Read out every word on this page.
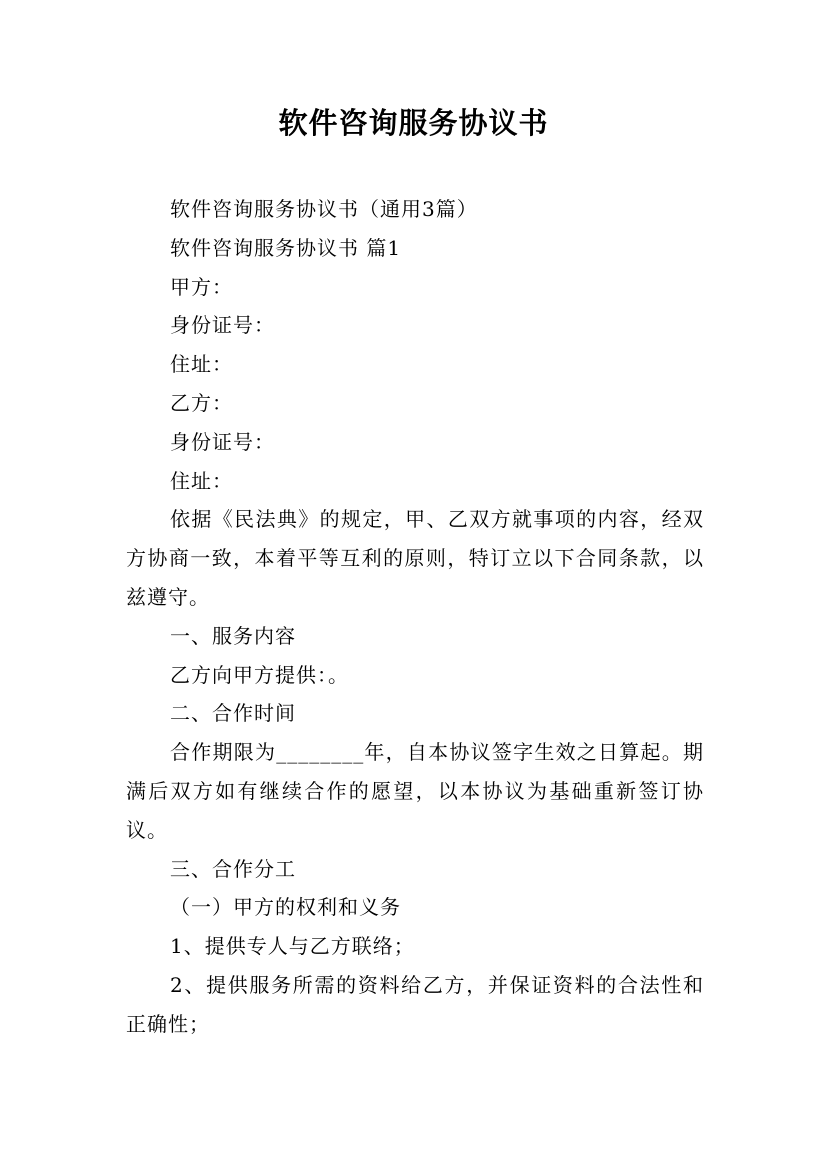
软件咨询服务协议书

软件咨询服务协议书（通用3篇）

软件咨询服务协议书 篇1

甲方：

身份证号：

住址：

乙方：

身份证号：

住址：

依据《民法典》的规定，甲、乙双方就事项的内容，经双方协商一致，本着平等互利的原则，特订立以下合同条款，以兹遵守。

一、服务内容

乙方向甲方提供：。

二、合作时间

合作期限为________年，自本协议签字生效之日算起。期满后双方如有继续合作的愿望，以本协议为基础重新签订协议。

三、合作分工

（一）甲方的权利和义务

1、提供专人与乙方联络；

2、提供服务所需的资料给乙方，并保证资料的合法性和正确性；
